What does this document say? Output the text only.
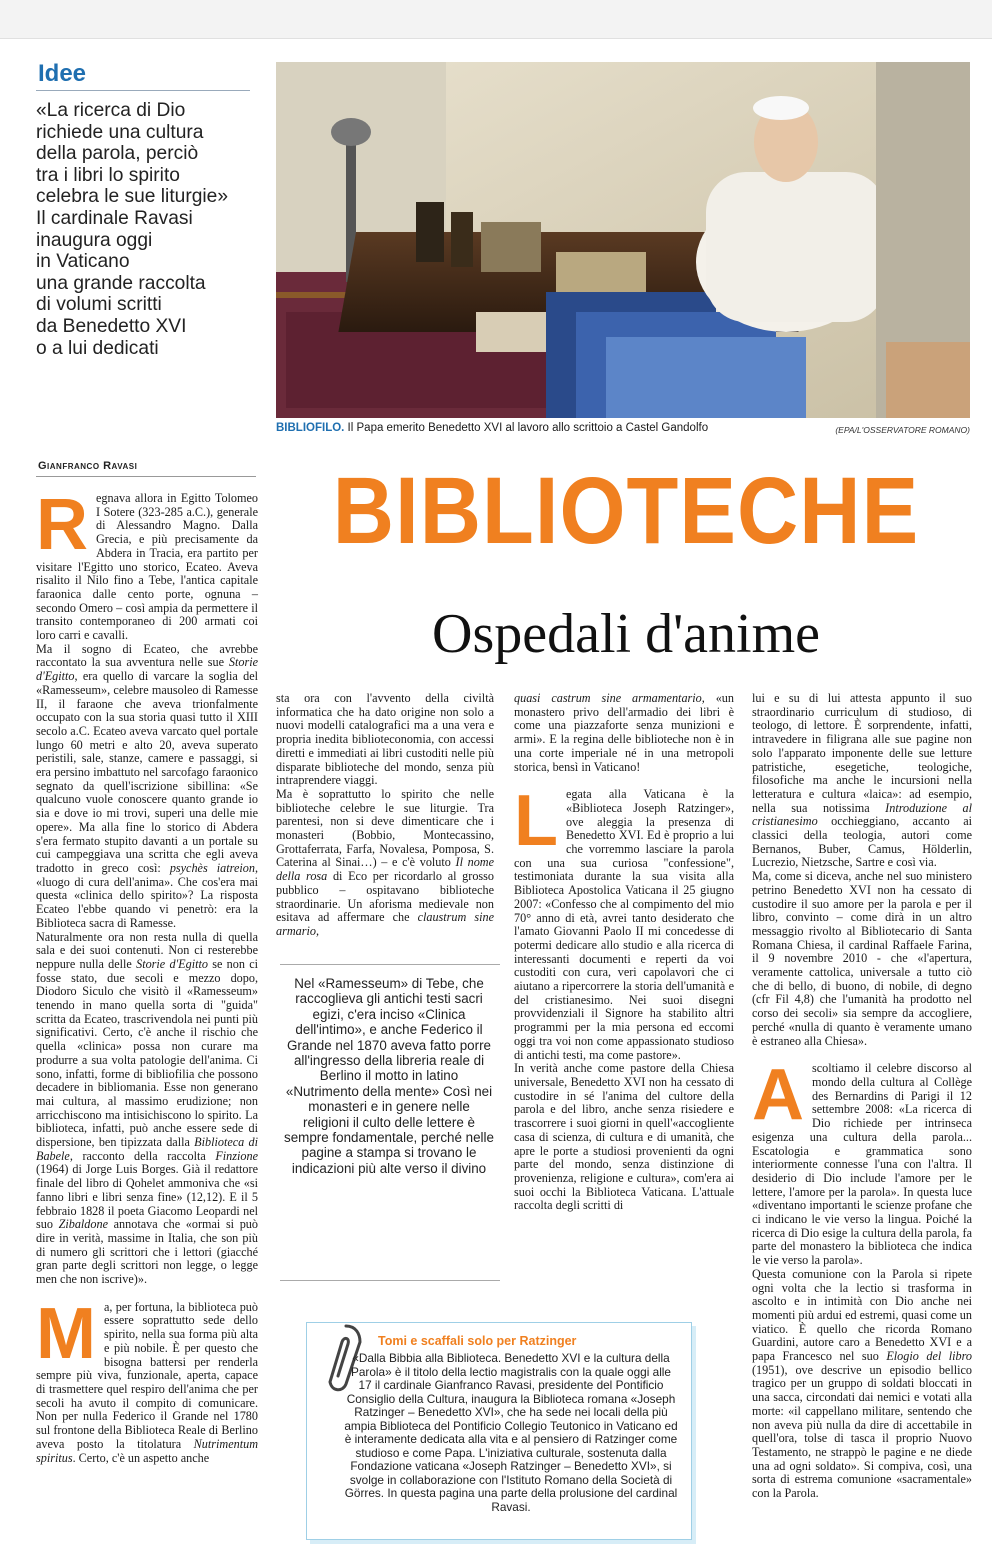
Idee

«La ricerca di Dio

richiede una cultura

della parola, perciò

tra i libri lo spirito

celebra le sue liturgie»

Il cardinale Ravasi

inaugura oggi

in Vaticano

una grande raccolta

di volumi scritti

da Benedetto XVI

o a lui dedicati

BIBLIOFILO. Il Papa emerito Benedetto XVI al lavoro allo scrittoio a Castel Gandolfo	(EPA/L'OSSERVATORE ROMANO)
Gianfranco Ravasi	BIBLIOTECHE
Ospedali d'anime

Regnava allora in Egitto Tolomeo I Sotere (323-285 a.C.), generale di Alessandro Magno. Dalla Grecia, e più precisamente da Abdera in Tracia, era partito per visitare l'Egitto uno storico, Ecateo. Aveva risalito il Nilo fino a Tebe, l'antica capitale faraonica dalle cento porte, ognuna – secondo Omero – così ampia da permettere il transito contemporaneo di 200 armati coi loro carri e cavalli.

Ma il sogno di Ecateo, che avrebbe raccontato la sua avventura nelle sue Storie d'Egitto, era quello di varcare la soglia del «Ramesseum», celebre mausoleo di Ramesse II, il faraone che aveva trionfalmente occupato con la sua storia quasi tutto il XIII secolo a.C. Ecateo aveva varcato quel portale lungo 60 metri e alto 20, aveva superato peristili, sale, stanze, camere e passaggi, si era persino imbattuto nel sarcofago faraonico segnato da quell'iscrizione sibillina: «Se qualcuno vuole conoscere quanto grande io sia e dove io mi trovi, superi una delle mie opere». Ma alla fine lo storico di Abdera s'era fermato stupito davanti a un portale su cui campeggiava una scritta che egli aveva tradotto in greco così: psychès iatreion, «luogo di cura dell'anima». Che cos'era mai questa «clinica dello spirito»? La risposta Ecateo l'ebbe quando vi penetrò: era la Biblioteca sacra di Ramesse.

Naturalmente ora non resta nulla di quella sala e dei suoi contenuti. Non ci resterebbe neppure nulla delle Storie d'Egitto se non ci fosse stato, due secoli e mezzo dopo, Diodoro Siculo che visitò il «Ramesseum» tenendo in mano quella sorta di "guida" scritta da Ecateo, trascrivendola nei punti più significativi. Certo, c'è anche il rischio che quella «clinica» possa non curare ma produrre a sua volta patologie dell'anima. Ci sono, infatti, forme di bibliofilia che possono decadere in bibliomania. Esse non generano mai cultura, al massimo erudizione; non arricchiscono ma intisichiscono lo spirito. La biblioteca, infatti, può anche essere sede di dispersione, ben tipizzata dalla Biblioteca di Babele, racconto della raccolta Finzione (1964) di Jorge Luis Borges. Già il redattore finale del libro di Qohelet ammoniva che «si fanno libri e libri senza fine» (12,12). E il 5 febbraio 1828 il poeta Giacomo Leopardi nel suo Zibaldone annotava che «ormai si può dire in verità, massime in Italia, che son più di numero gli scrittori che i lettori (giacché gran parte degli scrittori non legge, o legge men che non iscrive)».

Ma, per fortuna, la biblioteca può essere soprattutto sede dello spirito, nella sua forma più alta e più nobile. È per questo che bisogna battersi per renderla sempre più viva, funzionale, aperta, capace di trasmettere quel respiro dell'anima che per secoli ha avuto il compito di comunicare. Non per nulla Federico il Grande nel 1780 sul frontone della Biblioteca Reale di Berlino aveva posto la titolatura Nutrimentum spiritus. Certo, c'è un aspetto anche

sta ora con l'avvento della civiltà informatica che ha dato origine non solo a nuovi modelli catalografici ma a una vera e propria inedita biblioteconomia, con accessi diretti e immediati ai libri custoditi nelle più disparate biblioteche del mondo, senza più intraprendere viaggi.

Ma è soprattutto lo spirito che nelle biblioteche celebre le sue liturgie. Tra parentesi, non si deve dimenticare che i monasteri (Bobbio, Montecassino, Grottaferrata, Farfa, Novalesa, Pomposa, S. Caterina al Sinai…) – e c'è voluto Il nome della rosa di Eco per ricordarlo al grosso pubblico – ospitavano biblioteche straordinarie. Un aforisma medievale non esitava ad affermare che claustrum sine armario,

Nel «Ramesseum» di Tebe, che raccoglieva gli antichi testi sacri egizi, c'era inciso «Clinica dell'intimo», e anche Federico il Grande nel 1870 aveva fatto porre all'ingresso della libreria reale di Berlino il motto in latino «Nutrimento della mente» Così nei monasteri e in genere nelle religioni il culto delle lettere è sempre fondamentale, perché nelle pagine a stampa si trovano le indicazioni più alte verso il divino

quasi castrum sine armamentario, «un monastero privo dell'armadio dei libri è come una piazzaforte senza munizioni e armi». E la regina delle biblioteche non è in una corte imperiale né in una metropoli storica, bensì in Vaticano!

Legata alla Vaticana è la «Biblioteca Joseph Ratzinger», ove aleggia la presenza di Benedetto XVI. Ed è proprio a lui che vorremmo lasciare la parola con una sua curiosa "confessione", testimoniata durante la sua visita alla Biblioteca Apostolica Vaticana il 25 giugno 2007: «Confesso che al compimento del mio 70° anno di età, avrei tanto desiderato che l'amato Giovanni Paolo II mi concedesse di potermi dedicare allo studio e alla ricerca di interessanti documenti e reperti da voi custoditi con cura, veri capolavori che ci aiutano a ripercorrere la storia dell'umanità e del cristianesimo. Nei suoi disegni provvidenziali il Signore ha stabilito altri programmi per la mia persona ed eccomi oggi tra voi non come appassionato studioso di antichi testi, ma come pastore».

In verità anche come pastore della Chiesa universale, Benedetto XVI non ha cessato di custodire in sé l'anima del cultore della parola e del libro, anche senza risiedere e trascorrere i suoi giorni in quell'«accogliente casa di scienza, di cultura e di umanità, che apre le porte a studiosi provenienti da ogni parte del mondo, senza distinzione di provenienza, religione e cultura», com'era ai suoi occhi la Biblioteca Vaticana. L'attuale raccolta degli scritti di

lui e su di lui attesta appunto il suo straordinario curriculum di studioso, di teologo, di lettore. È sorprendente, infatti, intravedere in filigrana alle sue pagine non solo l'apparato imponente delle sue letture patristiche, esegetiche, teologiche, filosofiche ma anche le incursioni nella letteratura e cultura «laica»: ad esempio, nella sua notissima Introduzione al cristianesimo occhieggiano, accanto ai classici della teologia, autori come Bernanos, Buber, Camus, Hölderlin, Lucrezio, Nietzsche, Sartre e così via.

Ma, come si diceva, anche nel suo ministero petrino Benedetto XVI non ha cessato di custodire il suo amore per la parola e per il libro, convinto – come dirà in un altro messaggio rivolto al Bibliotecario di Santa Romana Chiesa, il cardinal Raffaele Farina, il 9 novembre 2010 - che «l'apertura, veramente cattolica, universale a tutto ciò che di bello, di buono, di nobile, di degno (cfr Fil 4,8) che l'umanità ha prodotto nel corso dei secoli» sia sempre da accogliere, perché «nulla di quanto è veramente umano è estraneo alla Chiesa».

Ascoltiamo il celebre discorso al mondo della cultura al Collège des Bernardins di Parigi il 12 settembre 2008: «La ricerca di Dio richiede per intrinseca esigenza una cultura della parola... Escatologia e grammatica sono interiormente connesse l'una con l'altra. Il desiderio di Dio include l'amore per le lettere, l'amore per la parola». In questa luce «diventano importanti le scienze profane che ci indicano le vie verso la lingua. Poiché la ricerca di Dio esige la cultura della parola, fa parte del monastero la biblioteca che indica le vie verso la parola».

Questa comunione con la Parola si ripete ogni volta che la lectio si trasforma in ascolto e in intimità con Dio anche nei momenti più ardui ed estremi, quasi come un viatico. È quello che ricorda Romano Guardini, autore caro a Benedetto XVI e a papa Francesco nel suo Elogio del libro (1951), ove descrive un episodio bellico tragico per un gruppo di soldati bloccati in una sacca, circondati dai nemici e votati alla morte: «il cappellano militare, sentendo che non aveva più nulla da dire di accettabile in quell'ora, tolse di tasca il proprio Nuovo Testamento, ne strappò le pagine e ne diede una ad ogni soldato». Si compiva, così, una sorta di estrema comunione «sacramentale» con la Parola.

Tomi e scaffali solo per Ratzinger
«Dalla Bibbia alla Biblioteca. Benedetto XVI e la cultura della Parola» è il titolo della lectio magistralis con la quale oggi alle 17 il cardinale Gianfranco Ravasi, presidente del Pontificio Consiglio della Cultura, inaugura la Biblioteca romana «Joseph Ratzinger – Benedetto XVI», che ha sede nei locali della più ampia Biblioteca del Pontificio Collegio Teutonico in Vaticano ed è interamente dedicata alla vita e al pensiero di Ratzinger come studioso e come Papa. L'iniziativa culturale, sostenuta dalla Fondazione vaticana «Joseph Ratzinger – Benedetto XVI», si svolge in collaborazione con l'Istituto Romano della Società di Görres. In questa pagina una parte della prolusione del cardinal Ravasi.
